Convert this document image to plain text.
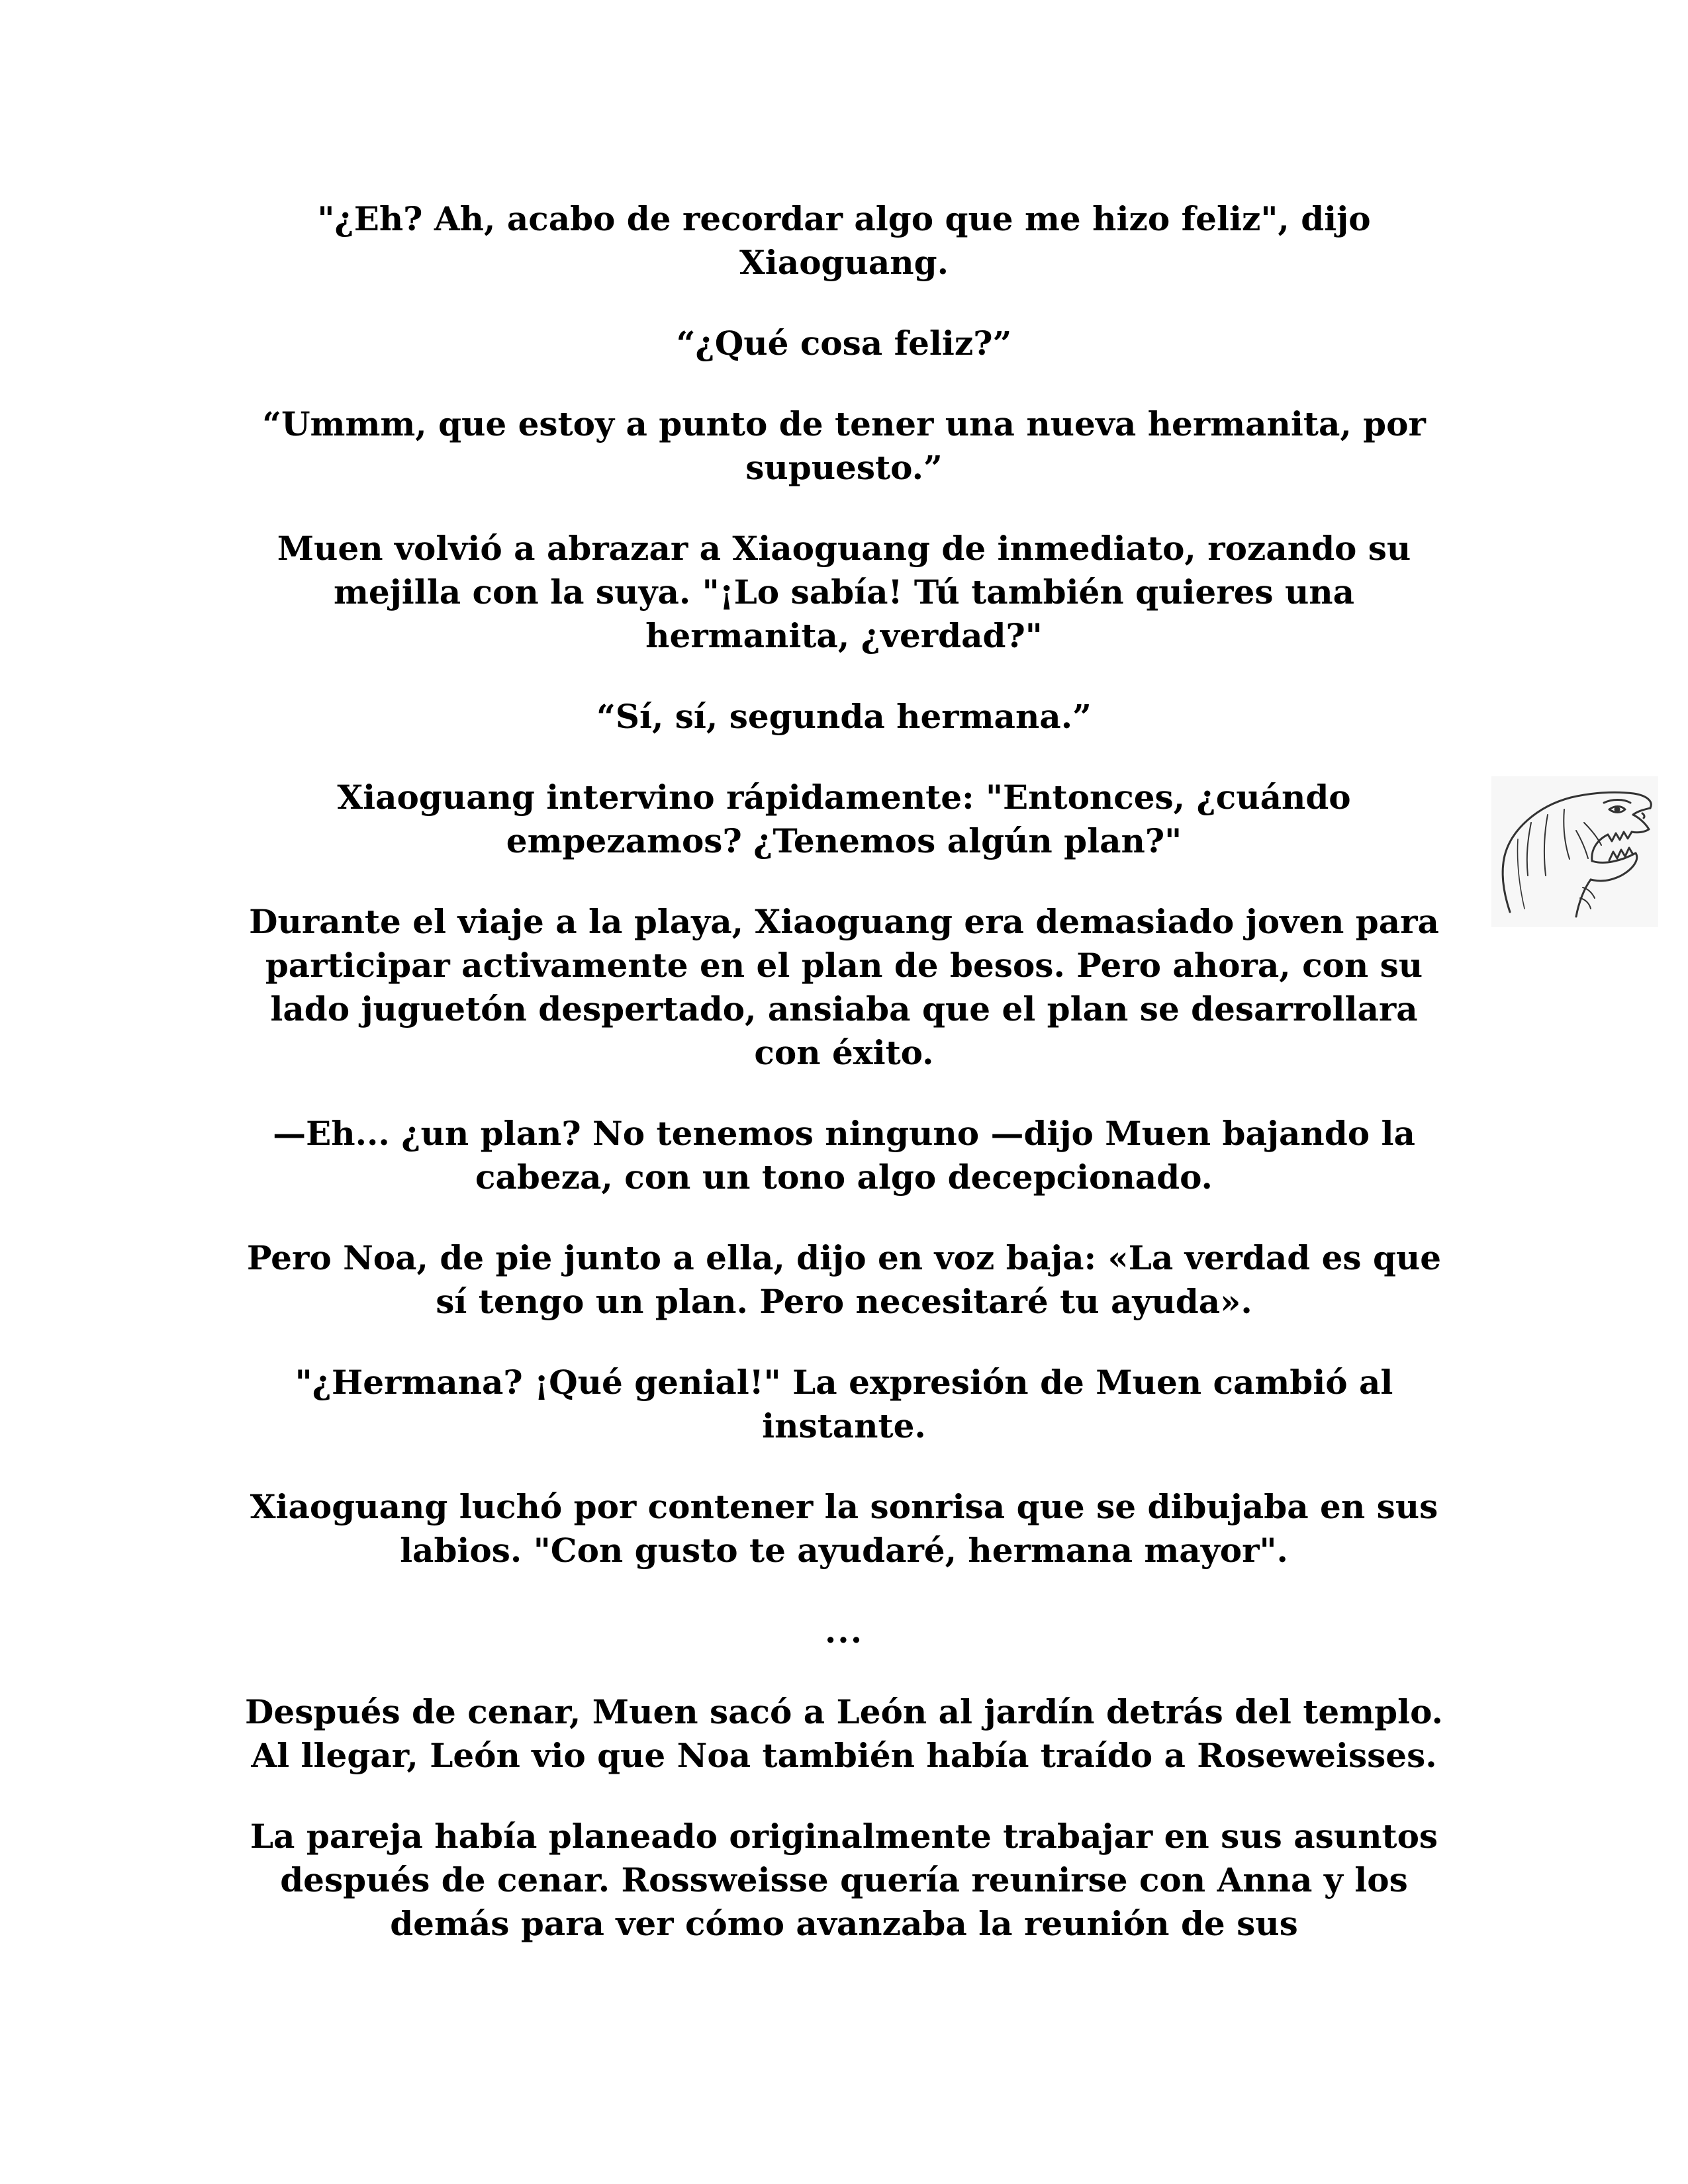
"¿Eh? Ah, acabo de recordar algo que me hizo feliz", dijo Xiaoguang.

“¿Qué cosa feliz?”

“Ummm, que estoy a punto de tener una nueva hermanita, por supuesto.”

Muen volvió a abrazar a Xiaoguang de inmediato, rozando su mejilla con la suya. "¡Lo sabía! Tú también quieres una hermanita, ¿verdad?"

“Sí, sí, segunda hermana.”

Xiaoguang intervino rápidamente: "Entonces, ¿cuándo empezamos? ¿Tenemos algún plan?"

Durante el viaje a la playa, Xiaoguang era demasiado joven para participar activamente en el plan de besos. Pero ahora, con su lado juguetón despertado, ansiaba que el plan se desarrollara con éxito.

—Eh... ¿un plan? No tenemos ninguno —dijo Muen bajando la cabeza, con un tono algo decepcionado.

Pero Noa, de pie junto a ella, dijo en voz baja: «La verdad es que sí tengo un plan. Pero necesitaré tu ayuda».

"¿Hermana? ¡Qué genial!" La expresión de Muen cambió al instante.

Xiaoguang luchó por contener la sonrisa que se dibujaba en sus labios. "Con gusto te ayudaré, hermana mayor".

...

Después de cenar, Muen sacó a León al jardín detrás del templo. Al llegar, León vio que Noa también había traído a Roseweisses.

La pareja había planeado originalmente trabajar en sus asuntos después de cenar. Rossweisse quería reunirse con Anna y los demás para ver cómo avanzaba la reunión de sus
